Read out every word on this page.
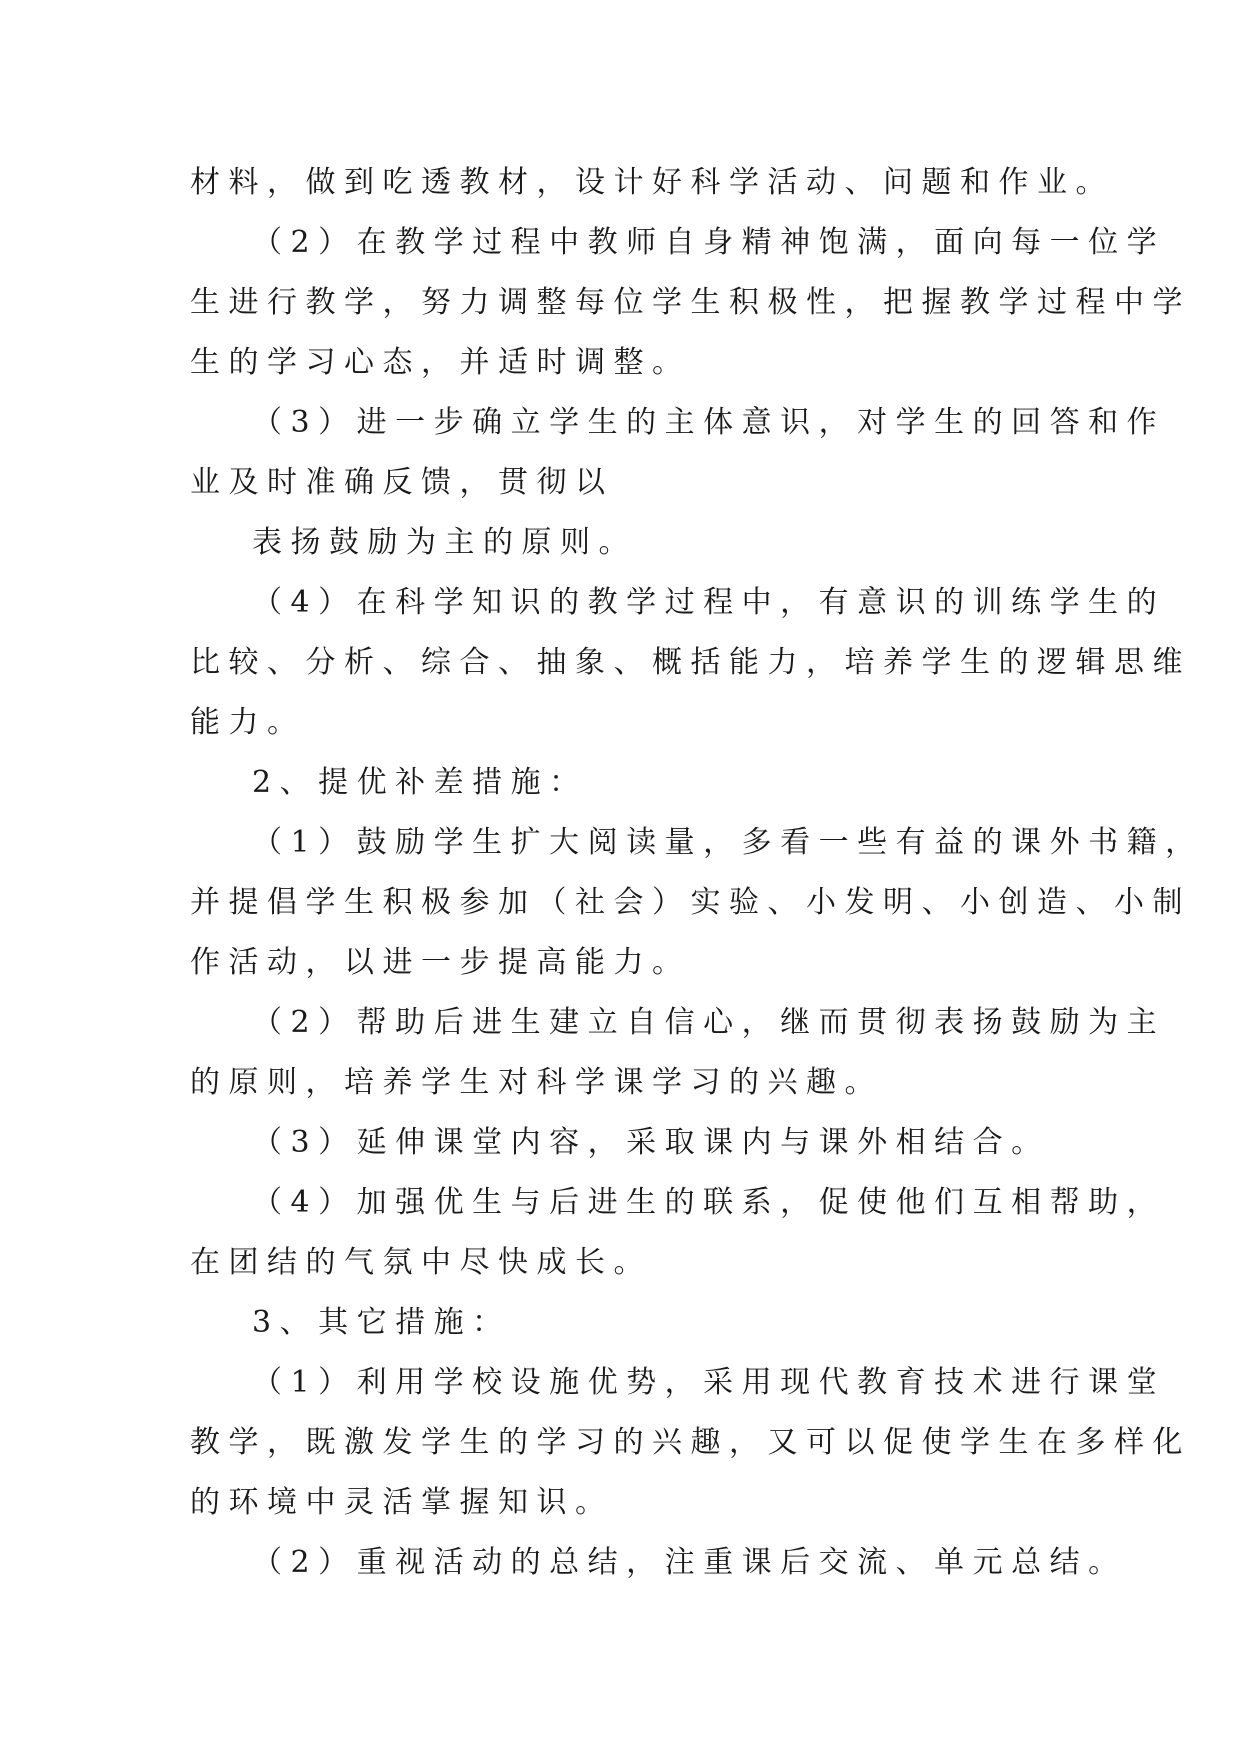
材料，做到吃透教材，设计好科学活动、问题和作业。

（2）在教学过程中教师自身精神饱满，面向每一位学

生进行教学，努力调整每位学生积极性，把握教学过程中学

生的学习心态，并适时调整。

（3）进一步确立学生的主体意识，对学生的回答和作

业及时准确反馈，贯彻以

表扬鼓励为主的原则。

（4）在科学知识的教学过程中，有意识的训练学生的

比较、分析、综合、抽象、概括能力，培养学生的逻辑思维

能力。

2、提优补差措施：

（1）鼓励学生扩大阅读量，多看一些有益的课外书籍，

并提倡学生积极参加（社会）实验、小发明、小创造、小制

作活动，以进一步提高能力。

（2）帮助后进生建立自信心，继而贯彻表扬鼓励为主

的原则，培养学生对科学课学习的兴趣。

（3）延伸课堂内容，采取课内与课外相结合。

（4）加强优生与后进生的联系，促使他们互相帮助，

在团结的气氛中尽快成长。

3、其它措施：

（1）利用学校设施优势，采用现代教育技术进行课堂

教学，既激发学生的学习的兴趣，又可以促使学生在多样化

的环境中灵活掌握知识。

（2）重视活动的总结，注重课后交流、单元总结。
